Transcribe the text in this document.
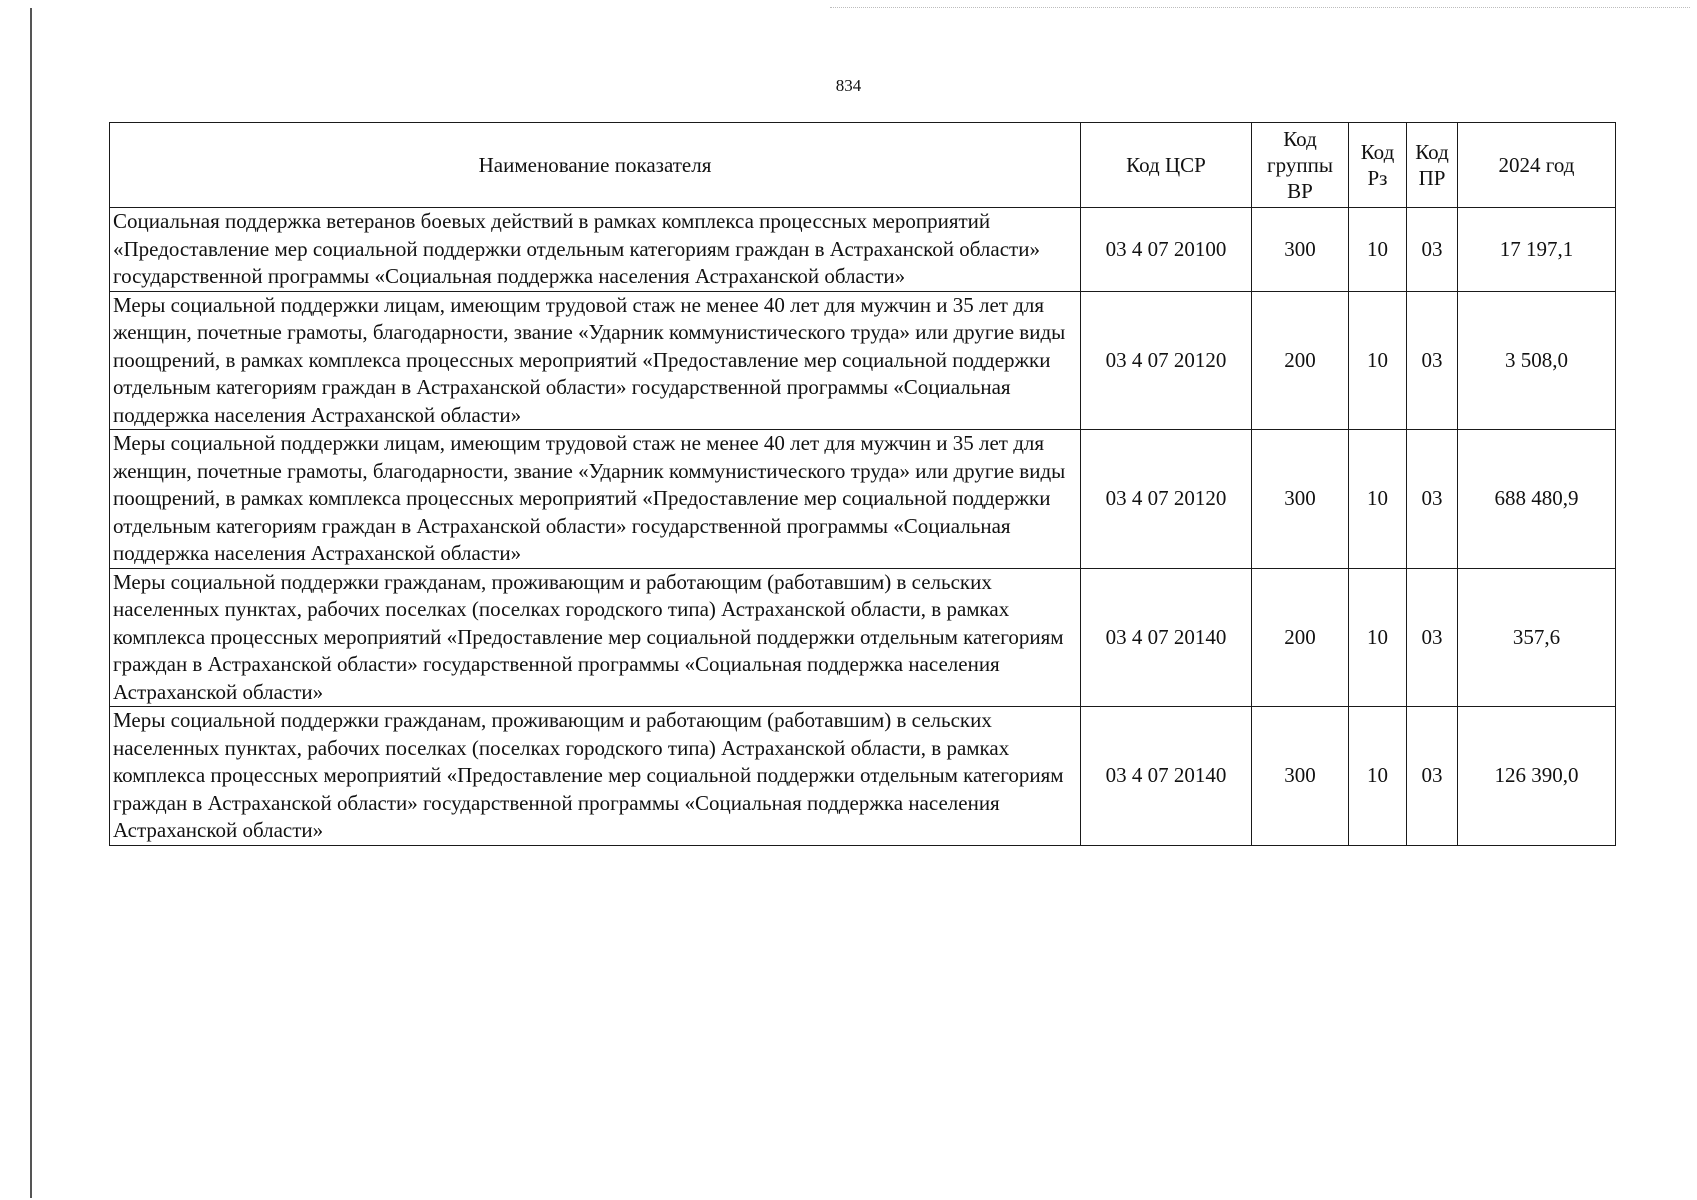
834
Наименование показателя	Код ЦСР	Код группы ВР	Код Рз	Код ПР	2024 год
Социальная поддержка ветеранов боевых действий в рамках комплекса процессных мероприятий «Предоставление мер социальной поддержки отдельным категориям граждан в Астраханской области» государственной программы «Социальная поддержка населения Астраханской области»	03 4 07 20100	300	10	03	17 197,1
Меры социальной поддержки лицам, имеющим трудовой стаж не менее 40 лет для мужчин и 35 лет для женщин, почетные грамоты, благодарности, звание «Ударник коммунистического труда» или другие виды поощрений, в рамках комплекса процессных мероприятий «Предоставление мер социальной поддержки отдельным категориям граждан в Астраханской области» государственной программы «Социальная поддержка населения Астраханской области»	03 4 07 20120	200	10	03	3 508,0
Меры социальной поддержки лицам, имеющим трудовой стаж не менее 40 лет для мужчин и 35 лет для женщин, почетные грамоты, благодарности, звание «Ударник коммунистического труда» или другие виды поощрений, в рамках комплекса процессных мероприятий «Предоставление мер социальной поддержки отдельным категориям граждан в Астраханской области» государственной программы «Социальная поддержка населения Астраханской области»	03 4 07 20120	300	10	03	688 480,9
Меры социальной поддержки гражданам, проживающим и работающим (работавшим) в сельских населенных пунктах, рабочих поселках (поселках городского типа) Астраханской области, в рамках комплекса процессных мероприятий «Предоставление мер социальной поддержки отдельным категориям граждан в Астраханской области» государственной программы «Социальная поддержка населения Астраханской области»	03 4 07 20140	200	10	03	357,6
Меры социальной поддержки гражданам, проживающим и работающим (работавшим) в сельских населенных пунктах, рабочих поселках (поселках городского типа) Астраханской области, в рамках комплекса процессных мероприятий «Предоставление мер социальной поддержки отдельным категориям граждан в Астраханской области» государственной программы «Социальная поддержка населения Астраханской области»	03 4 07 20140	300	10	03	126 390,0
